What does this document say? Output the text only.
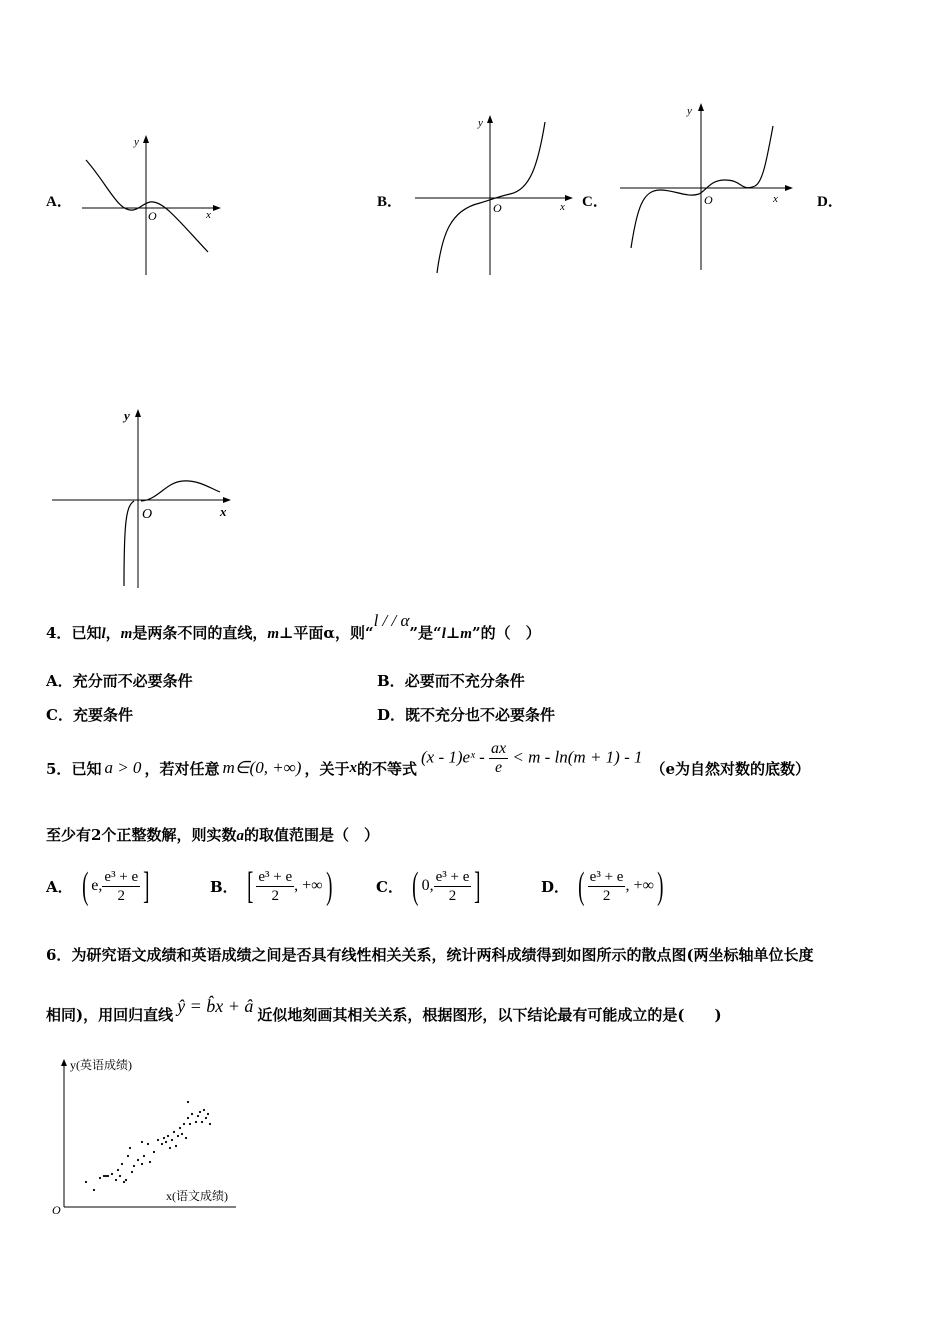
A．	B．	C．	D．
y
x
O
y
x
O
y
x
O
y
x
O
4．已知l，m是两条不同的直线，m⊥平面α，则“l / / α”是“l⊥m”的（　）
A．充分而不必要条件	B．必要而不充分条件
C．充要条件	D．既不充分也不必要条件
5． 已知 a > 0 ，若对任意 m∈(0, +∞) ，关于 x 的不等式
(x - 1)eˣ - $\frac{ax}{e} < m - \ln(m + 1) - 1$
（e为自然对数的底数）
至少有2个正整数解，则实数a的取值范围是（　）
A． ( e, $\frac{\text{e³ + e}}{2}$ ]	B． [ $\frac{\text{e³ + e}}{2}$ , +∞ )	C． ( 0, $\frac{\text{e³ + e}}{2}$ ]	D． ( $\frac{\text{e³ + e}}{2}$ , +∞ )
6．为研究语文成绩和英语成绩之间是否具有线性相关关系，统计两科成绩得到如图所示的散点图(两坐标轴单位长度
相同)，用回归直线 ŷ = b̂x + â 近似地刻画其相关关系，根据图形，以下结论最有可能成立的是(　　)
y(英语成绩)
x(语文成绩)
O
